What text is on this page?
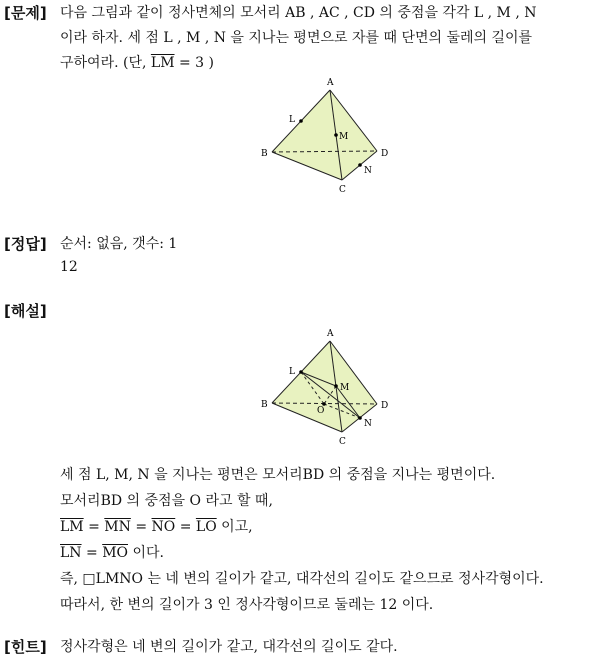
[문제] 다음 그림과 같이 정사면체의 모서리 AB , AC , CD 의 중점을 각각 L , M , N
이라 하자. 세 점 L , M , N 을 지나는 평면으로 자를 때 단면의 둘레의 길이를
구하여라. (단, $\overline{LM} = 3$ )
A
B
C
D
L
M
N
[정답] 순서: 없음, 갯수: 1
12
[해설]
A
B
C
D
L
M
N
O
세 점 L, M, N 을 지나는 평면은 모서리BD 의 중점을 지나는 평면이다.
모서리BD 의 중점을 O 라고 할 때,
$\overline{LM} = \overline{MN} = \overline{NO} = \overline{LO}$ 이고,
$\overline{LN} = \overline{MO}$ 이다.
즉, □LMNO 는 네 변의 길이가 같고, 대각선의 길이도 같으므로 정사각형이다.
따라서, 한 변의 길이가 3 인 정사각형이므로 둘레는 12 이다.
[힌트] 정사각형은 네 변의 길이가 같고, 대각선의 길이도 같다.
